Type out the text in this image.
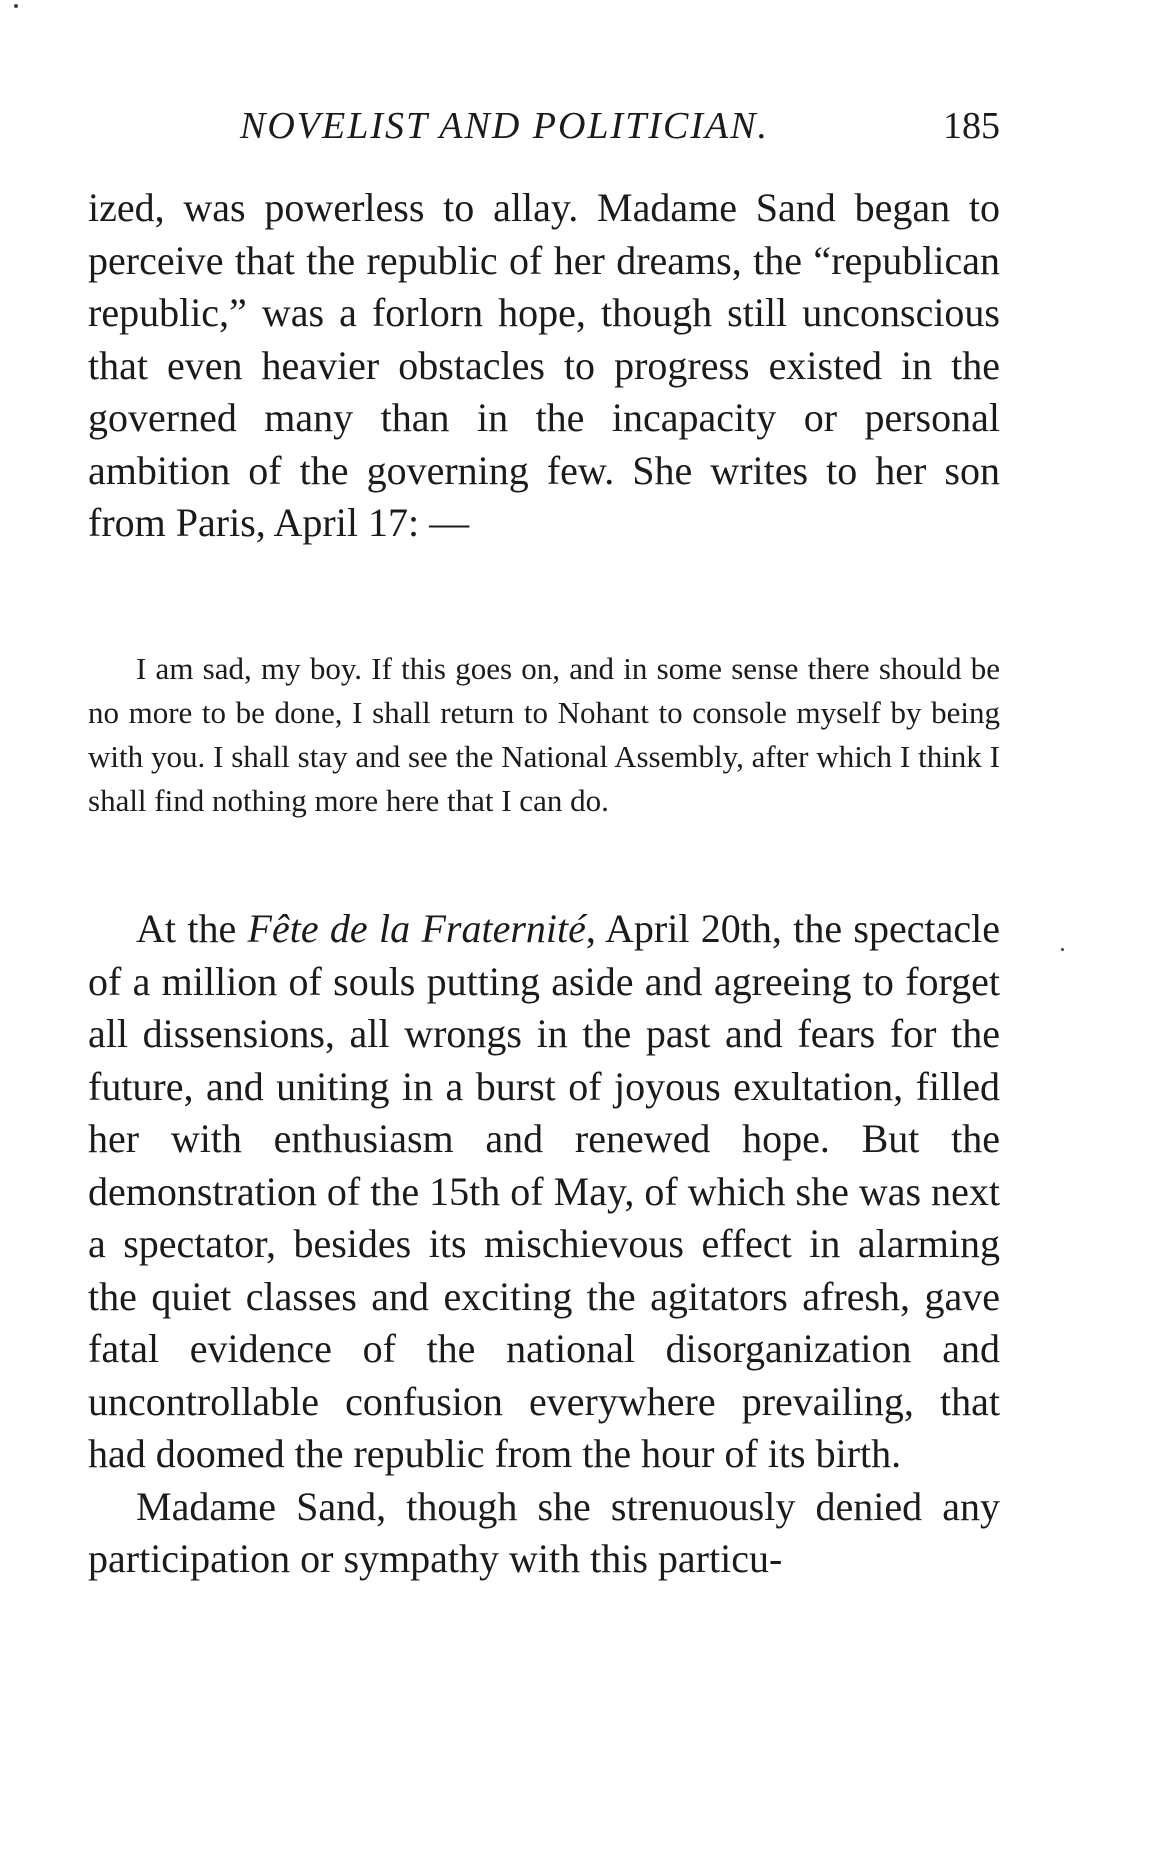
NOVELIST AND POLITICIAN.	185

ized, was powerless to allay. Madame Sand began to perceive that the republic of her dreams, the “republican republic,” was a forlorn hope, though still unconscious that even heavier obstacles to progress existed in the governed many than in the incapacity or personal ambition of the governing few. She writes to her son from Paris, April 17: —

I am sad, my boy. If this goes on, and in some sense there should be no more to be done, I shall return to Nohant to console myself by being with you. I shall stay and see the National Assembly, after which I think I shall find nothing more here that I can do.

At the Fête de la Fraternité, April 20th, the spectacle of a million of souls putting aside and agreeing to forget all dissensions, all wrongs in the past and fears for the future, and uniting in a burst of joyous exultation, filled her with enthusiasm and renewed hope. But the demonstration of the 15th of May, of which she was next a spectator, besides its mischievous effect in alarming the quiet classes and exciting the agitators afresh, gave fatal evidence of the national disorganization and uncontrollable confusion everywhere prevailing, that had doomed the republic from the hour of its birth.

Madame Sand, though she strenuously denied any participation or sympathy with this particu-
